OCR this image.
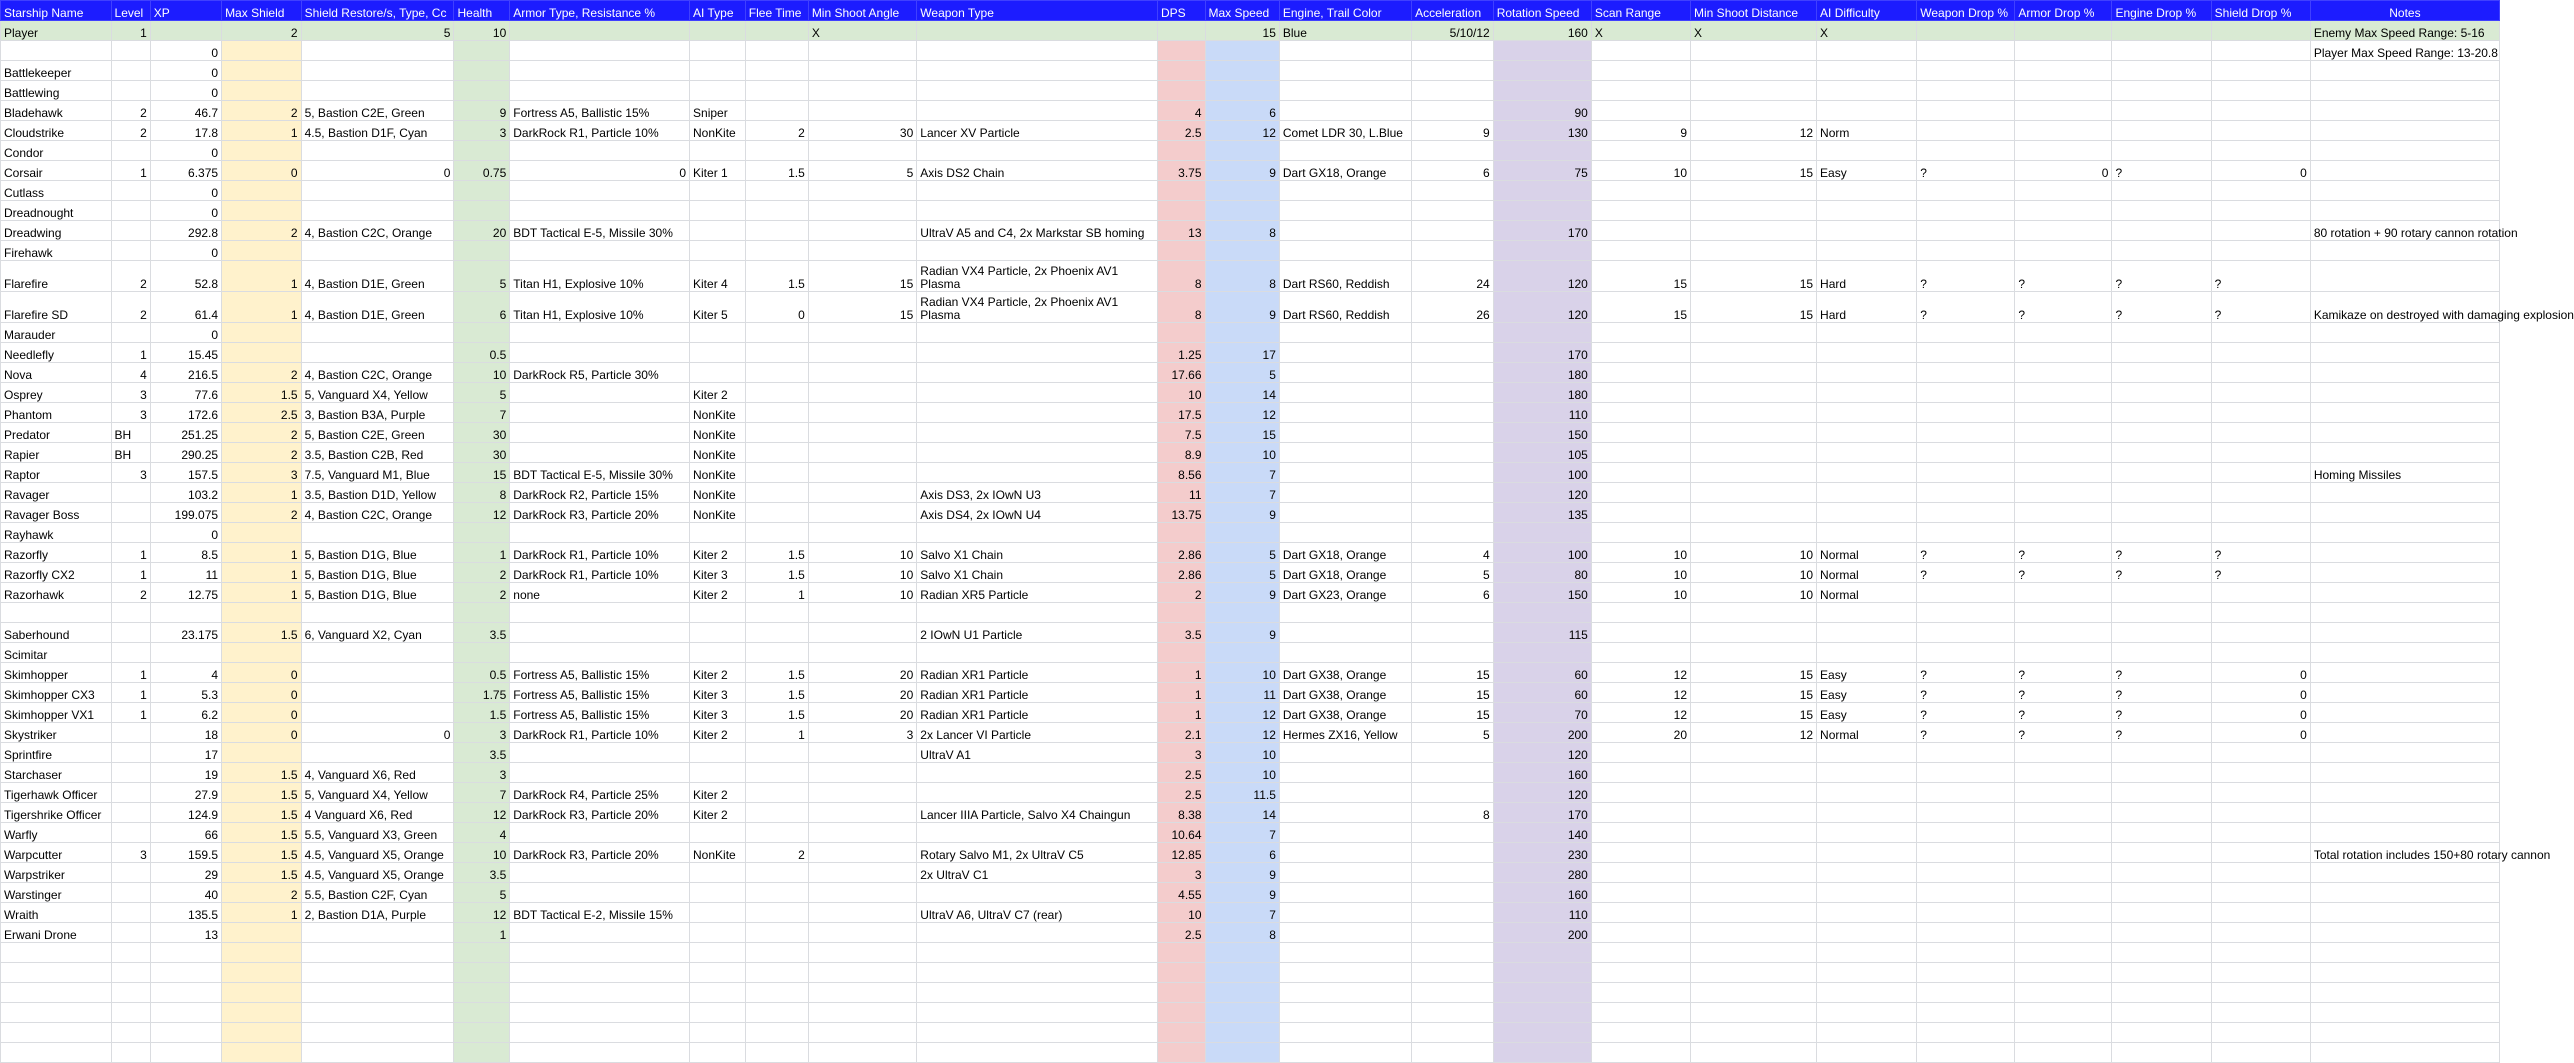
Starship Name	Level	XP	Max Shield	Shield Restore/s, Type, Cc	Health	Armor Type, Resistance %	AI Type	Flee Time	Min Shoot Angle	Weapon Type	DPS	Max Speed	Engine, Trail Color	Acceleration	Rotation Speed	Scan Range	Min Shoot Distance	AI Difficulty	Weapon Drop %	Armor Drop %	Engine Drop %	Shield Drop %	Notes
Player	1		2	5	10				X			15	Blue	5/10/12	160	X	X	X					Enemy Max Speed Range: 5-16
		0																					Player Max Speed Range: 13-20.8
Battlekeeper		0																					
Battlewing		0																					
Bladehawk	2	46.7	2	5, Bastion C2E, Green	9	Fortress A5, Ballistic 15%	Sniper				4	6			90								
Cloudstrike	2	17.8	1	4.5, Bastion D1F, Cyan	3	DarkRock R1, Particle 10%	NonKite	2	30	Lancer XV Particle	2.5	12	Comet LDR 30, L.Blue	9	130	9	12	Norm					
Condor		0																					
Corsair	1	6.375	0	0	0.75	0	Kiter 1	1.5	5	Axis DS2 Chain	3.75	9	Dart GX18, Orange	6	75	10	15	Easy	?	0	?	0	
Cutlass		0																					
Dreadnought		0																					
Dreadwing		292.8	2	4, Bastion C2C, Orange	20	BDT Tactical E-5, Missile 30%				UltraV A5 and C4, 2x Markstar SB homing	13	8			170								80 rotation + 90 rotary cannon rotation
Firehawk		0																					
Flarefire	2	52.8	1	4, Bastion D1E, Green	5	Titan H1, Explosive 10%	Kiter 4	1.5	15	Radian VX4 Particle, 2x Phoenix AV1 Plasma	8	8	Dart RS60, Reddish	24	120	15	15	Hard	?	?	?	?	
Flarefire SD	2	61.4	1	4, Bastion D1E, Green	6	Titan H1, Explosive 10%	Kiter 5	0	15	Radian VX4 Particle, 2x Phoenix AV1 Plasma	8	9	Dart RS60, Reddish	26	120	15	15	Hard	?	?	?	?	Kamikaze on destroyed with damaging explosion
Marauder		0																					
Needlefly	1	15.45			0.5						1.25	17			170								
Nova	4	216.5	2	4, Bastion C2C, Orange	10	DarkRock R5, Particle 30%					17.66	5			180								
Osprey	3	77.6	1.5	5, Vanguard X4, Yellow	5		Kiter 2				10	14			180								
Phantom	3	172.6	2.5	3, Bastion B3A, Purple	7		NonKite				17.5	12			110								
Predator	BH	251.25	2	5, Bastion C2E, Green	30		NonKite				7.5	15			150								
Rapier	BH	290.25	2	3.5, Bastion C2B, Red	30		NonKite				8.9	10			105								
Raptor	3	157.5	3	7.5, Vanguard M1, Blue	15	BDT Tactical E-5, Missile 30%	NonKite				8.56	7			100								Homing Missiles
Ravager		103.2	1	3.5, Bastion D1D, Yellow	8	DarkRock R2, Particle 15%	NonKite			Axis DS3, 2x IOwN U3	11	7			120								
Ravager Boss		199.075	2	4, Bastion C2C, Orange	12	DarkRock R3, Particle 20%	NonKite			Axis DS4, 2x IOwN U4	13.75	9			135								
Rayhawk		0																					
Razorfly	1	8.5	1	5, Bastion D1G, Blue	1	DarkRock R1, Particle 10%	Kiter 2	1.5	10	Salvo X1 Chain	2.86	5	Dart GX18, Orange	4	100	10	10	Normal	?	?	?	?	
Razorfly CX2	1	11	1	5, Bastion D1G, Blue	2	DarkRock R1, Particle 10%	Kiter 3	1.5	10	Salvo X1 Chain	2.86	5	Dart GX18, Orange	5	80	10	10	Normal	?	?	?	?	
Razorhawk	2	12.75	1	5, Bastion D1G, Blue	2	none	Kiter 2	1	10	Radian XR5 Particle	2	9	Dart GX23, Orange	6	150	10	10	Normal					

Saberhound		23.175	1.5	6, Vanguard X2, Cyan	3.5					2 IOwN U1 Particle	3.5	9			115								
Scimitar																							
Skimhopper	1	4	0		0.5	Fortress A5, Ballistic 15%	Kiter 2	1.5	20	Radian XR1 Particle	1	10	Dart GX38, Orange	15	60	12	15	Easy	?	?	?	0	
Skimhopper CX3	1	5.3	0		1.75	Fortress A5, Ballistic 15%	Kiter 3	1.5	20	Radian XR1 Particle	1	11	Dart GX38, Orange	15	60	12	15	Easy	?	?	?	0	
Skimhopper VX1	1	6.2	0		1.5	Fortress A5, Ballistic 15%	Kiter 3	1.5	20	Radian XR1 Particle	1	12	Dart GX38, Orange	15	70	12	15	Easy	?	?	?	0	
Skystriker		18	0	0	3	DarkRock R1, Particle 10%	Kiter 2	1	3	2x Lancer VI Particle	2.1	12	Hermes ZX16, Yellow	5	200	20	12	Normal	?	?	?	0	
Sprintfire		17			3.5					UltraV A1	3	10			120								
Starchaser		19	1.5	4, Vanguard X6, Red	3						2.5	10			160								
Tigerhawk Officer		27.9	1.5	5, Vanguard X4, Yellow	7	DarkRock R4, Particle 25%	Kiter 2				2.5	11.5			120								
Tigershrike Officer		124.9	1.5	4 Vanguard X6, Red	12	DarkRock R3, Particle 20%	Kiter 2			Lancer IIIA Particle, Salvo X4 Chaingun	8.38	14		8	170								
Warfly		66	1.5	5.5, Vanguard X3, Green	4						10.64	7			140								
Warpcutter	3	159.5	1.5	4.5, Vanguard X5, Orange	10	DarkRock R3, Particle 20%	NonKite	2		Rotary Salvo M1, 2x UltraV C5	12.85	6			230								Total rotation includes 150+80 rotary cannon
Warpstriker		29	1.5	4.5, Vanguard X5, Orange	3.5					2x UltraV C1	3	9			280								
Warstinger		40	2	5.5, Bastion C2F, Cyan	5						4.55	9			160								
Wraith		135.5	1	2, Bastion D1A, Purple	12	BDT Tactical E-2, Missile 15%				UltraV A6, UltraV C7 (rear)	10	7			110								
Erwani Drone		13			1						2.5	8			200								
